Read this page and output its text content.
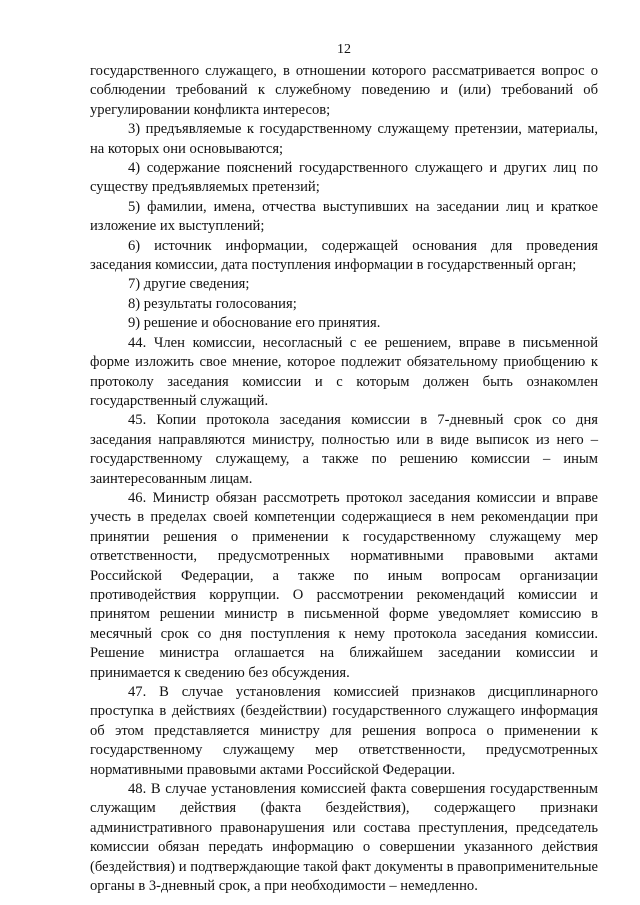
12

государственного служащего, в отношении которого рассматривается вопрос о соблюдении требований к служебному поведению и (или) требований об урегулировании конфликта интересов;

3) предъявляемые к государственному служащему претензии, материалы, на которых они основываются;

4) содержание пояснений государственного служащего и других лиц по существу предъявляемых претензий;

5) фамилии, имена, отчества выступивших на заседании лиц и краткое изложение их выступлений;

6) источник информации, содержащей основания для проведения заседания комиссии, дата поступления информации в государственный орган;

7) другие сведения;

8) результаты голосования;

9) решение и обоснование его принятия.

44. Член комиссии, несогласный с ее решением, вправе в письменной форме изложить свое мнение, которое подлежит обязательному приобщению к протоколу заседания комиссии и с которым должен быть ознакомлен государственный служащий.

45. Копии протокола заседания комиссии в 7-дневный срок со дня заседания направляются министру, полностью или в виде выписок из него – государственному служащему, а также по решению комиссии – иным заинтересованным лицам.

46. Министр обязан рассмотреть протокол заседания комиссии и вправе учесть в пределах своей компетенции содержащиеся в нем рекомендации при принятии решения о применении к государственному служащему мер ответственности, предусмотренных нормативными правовыми актами Российской Федерации, а также по иным вопросам организации противодействия коррупции. О рассмотрении рекомендаций комиссии и принятом решении министр в письменной форме уведомляет комиссию в месячный срок со дня поступления к нему протокола заседания комиссии. Решение министра оглашается на ближайшем заседании комиссии и принимается к сведению без обсуждения.

47. В случае установления комиссией признаков дисциплинарного проступка в действиях (бездействии) государственного служащего информация об этом представляется министру для решения вопроса о применении к государственному служащему мер ответственности, предусмотренных нормативными правовыми актами Российской Федерации.

48. В случае установления комиссией факта совершения государственным служащим действия (факта бездействия), содержащего признаки административного правонарушения или состава преступления, председатель комиссии обязан передать информацию о совершении указанного действия (бездействия) и подтверждающие такой факт документы в правоприменительные органы в 3-дневный срок, а при необходимости – немедленно.
